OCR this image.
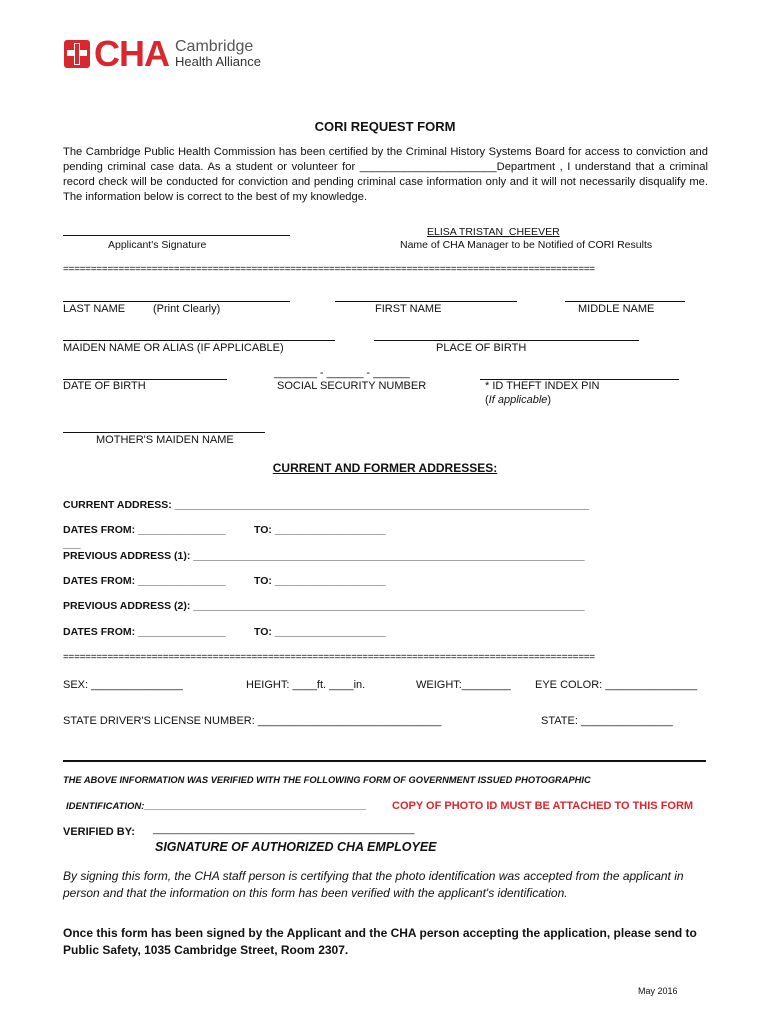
CHA Cambridge
Health Alliance
CORI REQUEST FORM
The Cambridge Public Health Commission has been certified by the Criminal History Systems Board for access to conviction and pending criminal case data. As a student or volunteer for ______________________Department , I understand that a criminal record check will be conducted for conviction and pending criminal case information only and it will not necessarily disqualify me. The information below is correct to the best of my knowledge.
Applicant's Signature
ELISA TRISTAN_CHEEVER
Name of CHA Manager to be Notified of CORI Results
================================================================================================
LAST NAME	(Print Clearly)	FIRST NAME	MIDDLE NAME
MAIDEN NAME OR ALIAS (IF APPLICABLE)	PLACE OF BIRTH
_______ - ______ - ______
DATE OF BIRTH	SOCIAL SECURITY NUMBER	* ID THEFT INDEX PIN
(If applicable)
MOTHER'S MAIDEN NAME
CURRENT AND FORMER ADDRESSES:
CURRENT ADDRESS: _______________________________________________________________________
DATES FROM: _______________	TO: ___________________
___
PREVIOUS ADDRESS (1): ___________________________________________________________________
DATES FROM: _______________	TO: ___________________
PREVIOUS ADDRESS (2): ___________________________________________________________________
DATES FROM: _______________	TO: ___________________
================================================================================================
SEX: _______________	HEIGHT: ____ft. ____in.	WEIGHT:________ EYE COLOR: _______________
STATE DRIVER'S LICENSE NUMBER: ______________________________	STATE: _______________
THE ABOVE INFORMATION WAS VERIFIED WITH THE FOLLOWING FORM OF GOVERNMENT ISSUED PHOTOGRAPHIC
IDENTIFICATION:__________________________________________ COPY OF PHOTO ID MUST BE ATTACHED TO THIS FORM
VERIFIED BY: _______________________________________________
SIGNATURE OF AUTHORIZED CHA EMPLOYEE
By signing this form, the CHA staff person is certifying that the photo identification was accepted from the applicant in person and that the information on this form has been verified with the applicant's identification.
Once this form has been signed by the Applicant and the CHA person accepting the application, please send to Public Safety, 1035 Cambridge Street, Room 2307.
May 2016
